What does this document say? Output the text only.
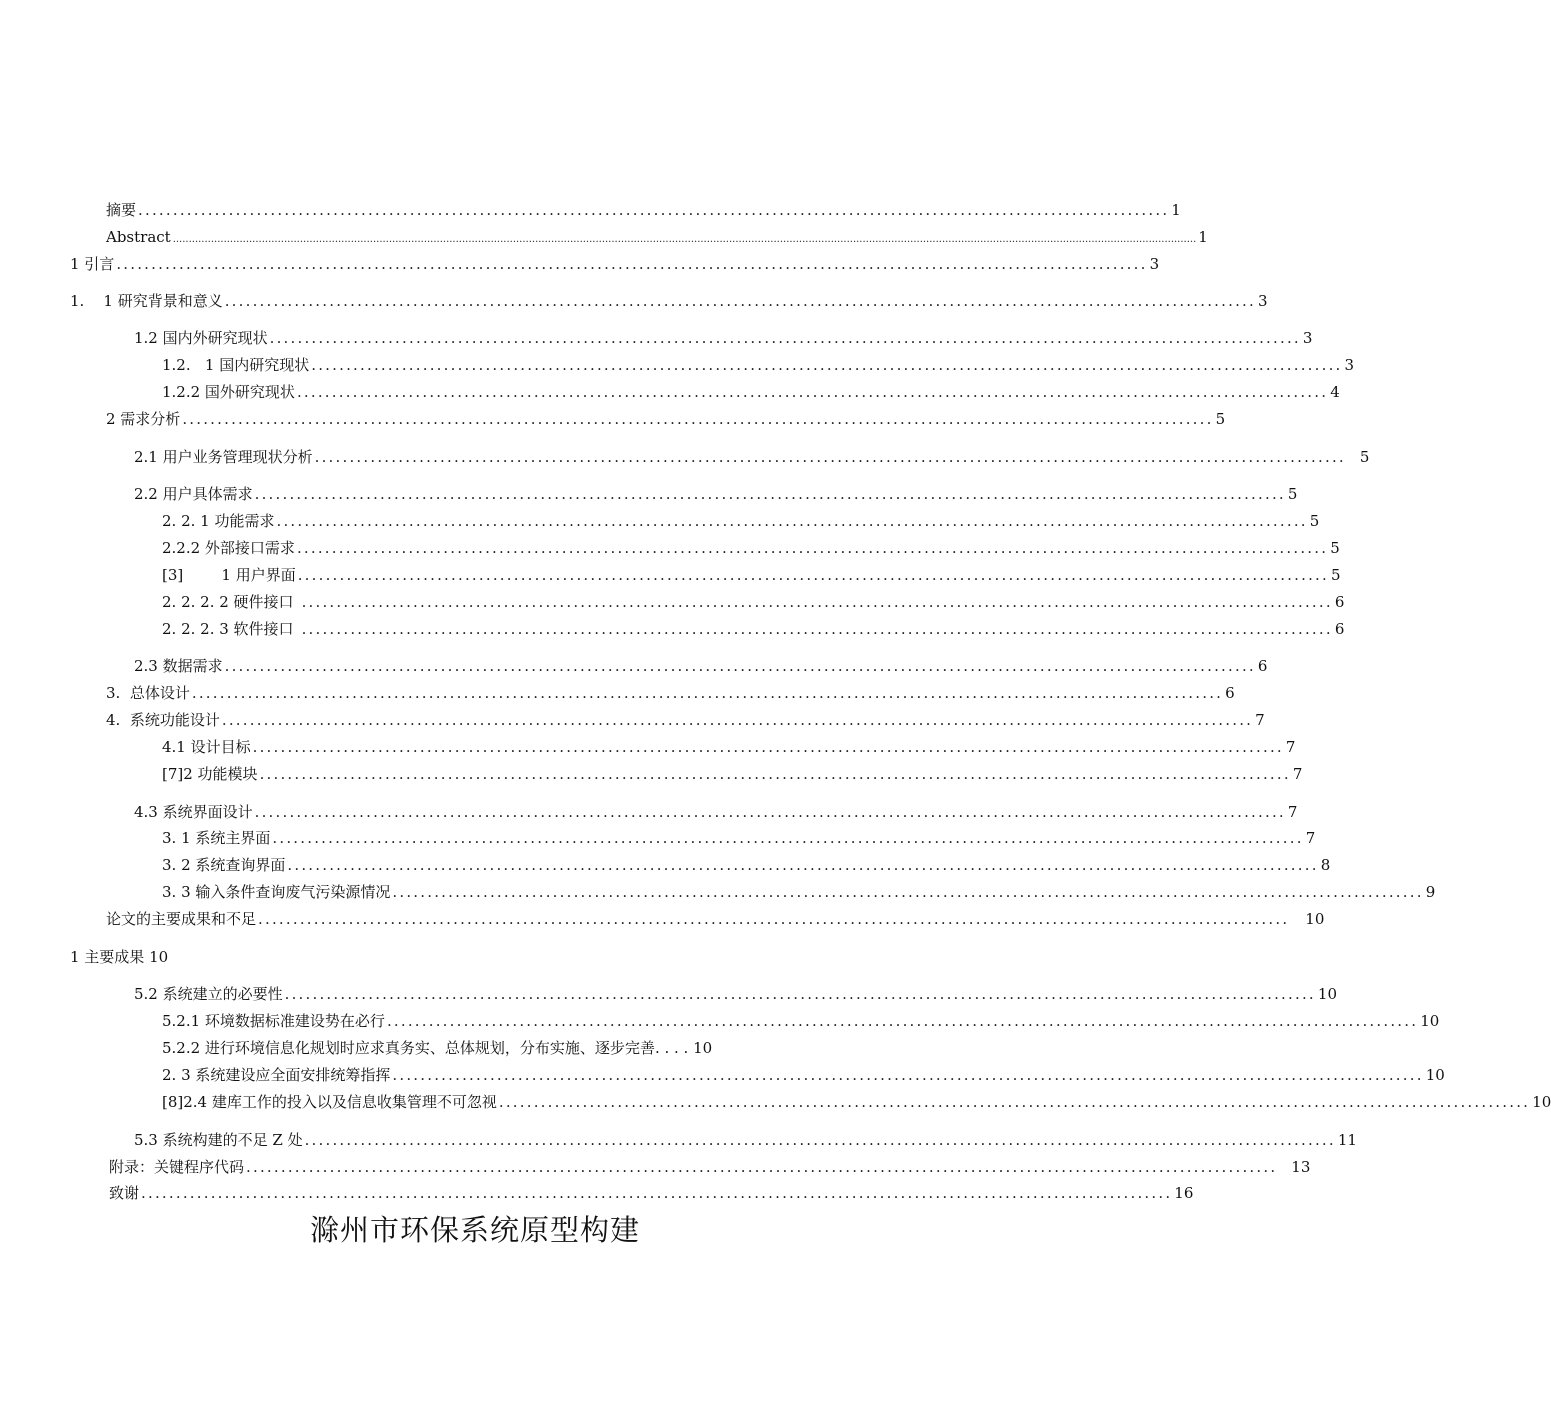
摘要 .................................................................................................................................................... 1
Abstract .................................................................................................................................................................................................................................................................................................................................. 1
1 引言 .................................................................................................................................................... 3
1.    1 研究背景和意义 .................................................................................................................................................... 3
1.2 国内外研究现状 .................................................................................................................................................... 3
1.2.   1 国内研究现状 .................................................................................................................................................... 3
1.2.2 国外研究现状 .................................................................................................................................................... 4
2 需求分析 .................................................................................................................................................... 5
2.1 用户业务管理现状分析 .................................................................................................................................................... 5
2.2 用户具体需求 .................................................................................................................................................... 5
2. 2. 1 功能需求 .................................................................................................................................................... 5
2.2.2 外部接口需求 .................................................................................................................................................... 5
[3]        1 用户界面 .................................................................................................................................................... 5
2. 2. 2. 2 硬件接口 .................................................................................................................................................... 6
2. 2. 2. 3 软件接口 .................................................................................................................................................... 6
2.3 数据需求 .................................................................................................................................................... 6
3.  总体设计 .................................................................................................................................................... 6
4.  系统功能设计 .................................................................................................................................................... 7
4.1 设计目标 .................................................................................................................................................... 7
[7]2 功能模块 .................................................................................................................................................... 7
4.3 系统界面设计 .................................................................................................................................................... 7
3. 1 系统主界面 .................................................................................................................................................... 7
3. 2 系统查询界面 .................................................................................................................................................... 8
3. 3 输入条件查询废气污染源情况 .................................................................................................................................................... 9
论文的主要成果和不足 .................................................................................................................................................... 10
1 主要成果 10
5.2 系统建立的必要性 .................................................................................................................................................... 10
5.2.1 环境数据标准建设势在必行 .................................................................................................................................................... 10
5.2.2 进行环境信息化规划时应求真务实、总体规划，分布实施、逐步完善. . . . 10
2. 3 系统建设应全面安排统筹指挥 .................................................................................................................................................... 10
[8]2.4 建库工作的投入以及信息收集管理不可忽视 .................................................................................................................................................... 10
5.3 系统构建的不足 Z 处 .................................................................................................................................................... 11
附录：关键程序代码 .................................................................................................................................................... 13
致谢 .................................................................................................................................................... 16
滁州市环保系统原型构建
